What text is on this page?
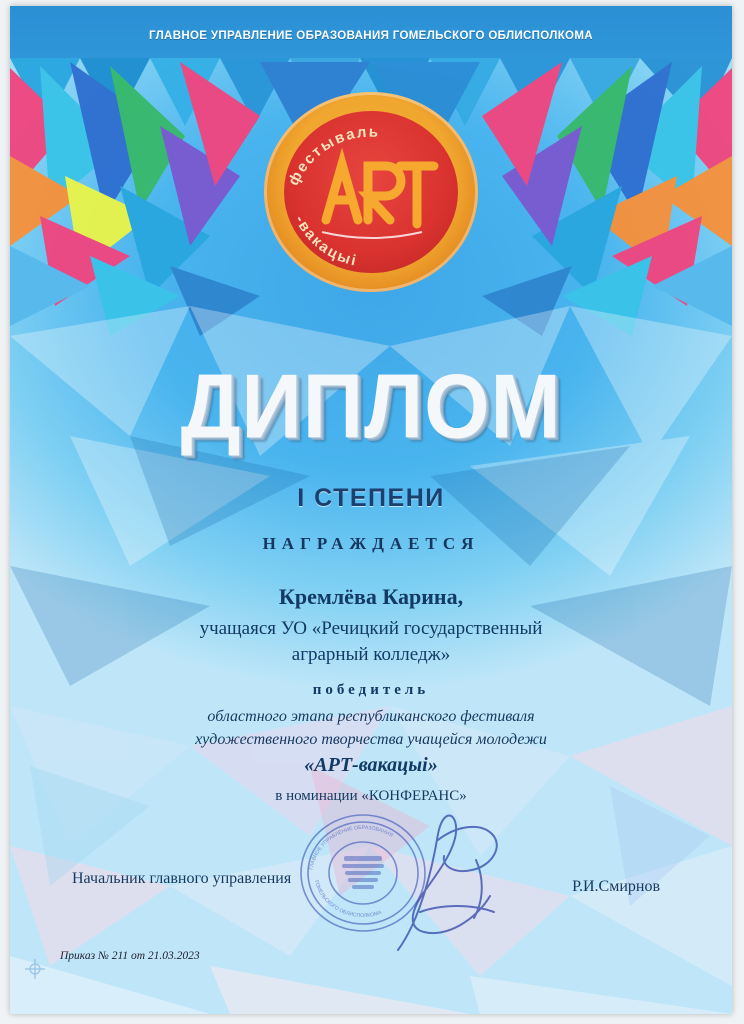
ГЛАВНОЕ УПРАВЛЕНИЕ ОБРАЗОВАНИЯ ГОМЕЛЬСКОГО ОБЛИСПОЛКОМА
фестываль
-вакацыі
ДИПЛОМ
I СТЕПЕНИ
НАГРАЖДАЕТСЯ
Кремлёва Карина,
учащаяся УО «Речицкий государственный
аграрный колледж»
победитель
областного этапа республиканского фестиваля
художественного творчества учащейся молодежи
«АРТ-вакацыі»
в номинации «КОНФЕРАНС»
Начальник главного управления	Р.И.Смирнов
Приказ № 211 от 21.03.2023
ГЛАВНОЕ УПРАВЛЕНИЕ ОБРАЗОВАНИЯ
ГОМЕЛЬСКОГО ОБЛИСПОЛКОМА
